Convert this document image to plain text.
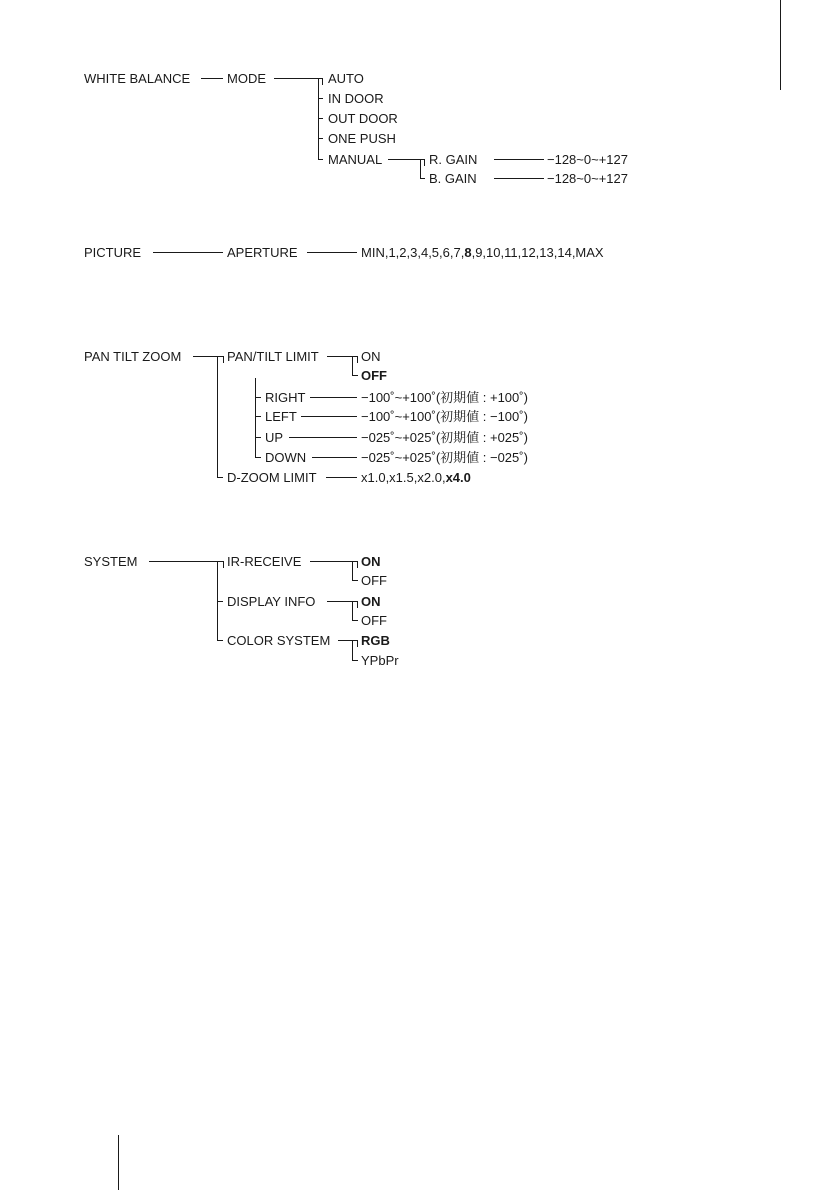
WHITE BALANCE	MODE	AUTO
IN DOOR
OUT DOOR
ONE PUSH
MANUAL	R. GAIN	−128~0~+127
B. GAIN	−128~0~+127
PICTURE	APERTURE	MIN,1,2,3,4,5,6,7,8,9,10,11,12,13,14,MAX
PAN TILT ZOOM	PAN/TILT LIMIT	ON
OFF
RIGHT	−100˚~+100˚(初期値 : +100˚)
LEFT	−100˚~+100˚(初期値 : −100˚)
UP	−025˚~+025˚(初期値 : +025˚)
DOWN	−025˚~+025˚(初期値 : −025˚)
D-ZOOM LIMIT	x1.0,x1.5,x2.0,x4.0
SYSTEM	IR-RECEIVE	ON
OFF
DISPLAY INFO	ON
OFF
COLOR SYSTEM RGB
YPbPr
